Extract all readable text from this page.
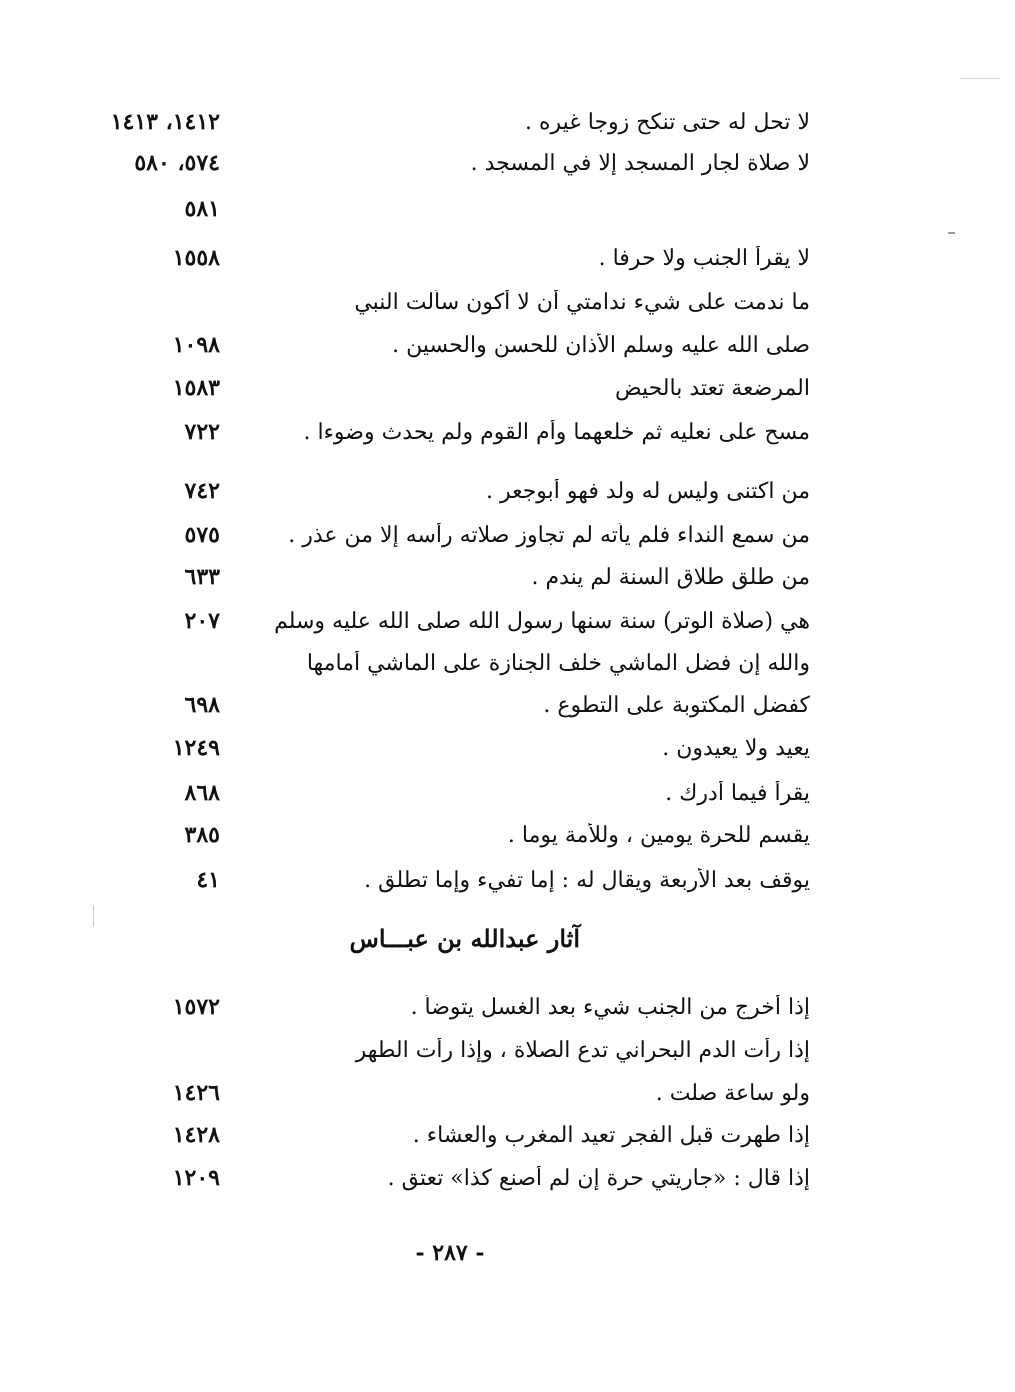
١٤١٢، ١٤١٣	لا تحل له حتى تنكح زوجا غيره .
٥٧٤، ٥٨٠	لا صلاة لجار المسجد إلا في المسجد .
٥٨١
١٥٥٨	لا يقرأ الجنب ولا حرفا .
ما ندمت على شيء ندامتي أن لا أكون سألت النبي
١٠٩٨	صلى الله عليه وسلم الأذان للحسن والحسين .
١٥٨٣	المرضعة تعتد بالحيض
٧٢٢	مسح على نعليه ثم خلعهما وأم القوم ولم يحدث وضوءا .
٧٤٢	من اكتنى وليس له ولد فهو أبوجعر .
٥٧٥	من سمع النداء فلم يأته لم تجاوز صلاته رأسه إلا من عذر .
٦٣٣	من طلق طلاق السنة لم يندم .
٢٠٧	هي (صلاة الوتر) سنة سنها رسول الله صلى الله عليه وسلم
والله إن فضل الماشي خلف الجنازة على الماشي أمامها
٦٩٨	كفضل المكتوبة على التطوع .
١٢٤٩	يعيد ولا يعيدون .
٨٦٨	يقرأ فيما أدرك .
٣٨٥	يقسم للحرة يومين ، وللأمة يوما .
٤١	يوقف بعد الأربعة ويقال له : إما تفيء وإما تطلق .
آثار عبدالله بن عبـــاس
١٥٧٢	إذا أخرج من الجنب شيء بعد الغسل يتوضأ .
إذا رأت الدم البحراني تدع الصلاة ، وإذا رأت الطهر
١٤٢٦	ولو ساعة صلت .
١٤٢٨	إذا طهرت قبل الفجر تعيد المغرب والعشاء .
١٢٠٩	إذا قال : «جاريتي حرة إن لم أصنع كذا» تعتق .
- ٢٨٧ -
